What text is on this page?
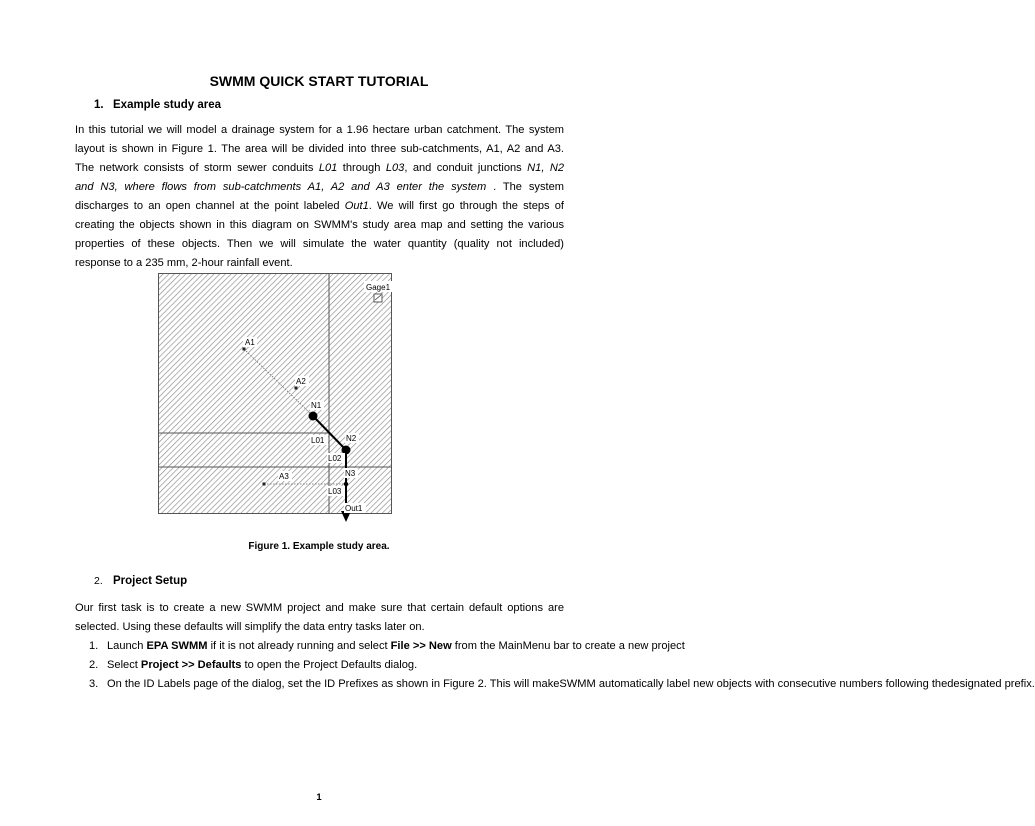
SWMM QUICK START TUTORIAL
1. Example study area
In this tutorial we will model a drainage system for a 1.96 hectare urban catchment. The system
layout is shown in Figure 1. The area will be divided into three sub-catchments, A1, A2 and A3.
The network consists of storm sewer conduits L01 through L03, and conduit junctions N1, N2
and N3, where flows from sub-catchments A1, A2 and A3 enter the system . The system
discharges to an open channel at the point labeled Out1. We will first go through the steps of
creating the objects shown in this diagram on SWMM's study area map and setting the various
properties of these objects. Then we will simulate the water quantity (quality not included)
response to a 235 mm, 2-hour rainfall event.
Gage1
A1
A2
A3
N1
N2
N3
L01
L02
L03
Out1
Figure 1. Example study area.
2. Project Setup
Our first task is to create a new SWMM project and make sure that certain default options are
selected. Using these defaults will simplify the data entry tasks later on.
1. Launch EPA SWMM if it is not already running and select File >> New from the MainMenu bar to create a new project
2. Select Project >> Defaults to open the Project Defaults dialog.
3. On the ID Labels page of the dialog, set the ID Prefixes as shown in Figure 2. This will makeSWMM automatically label new objects with consecutive numbers following thedesignated prefix.
1
